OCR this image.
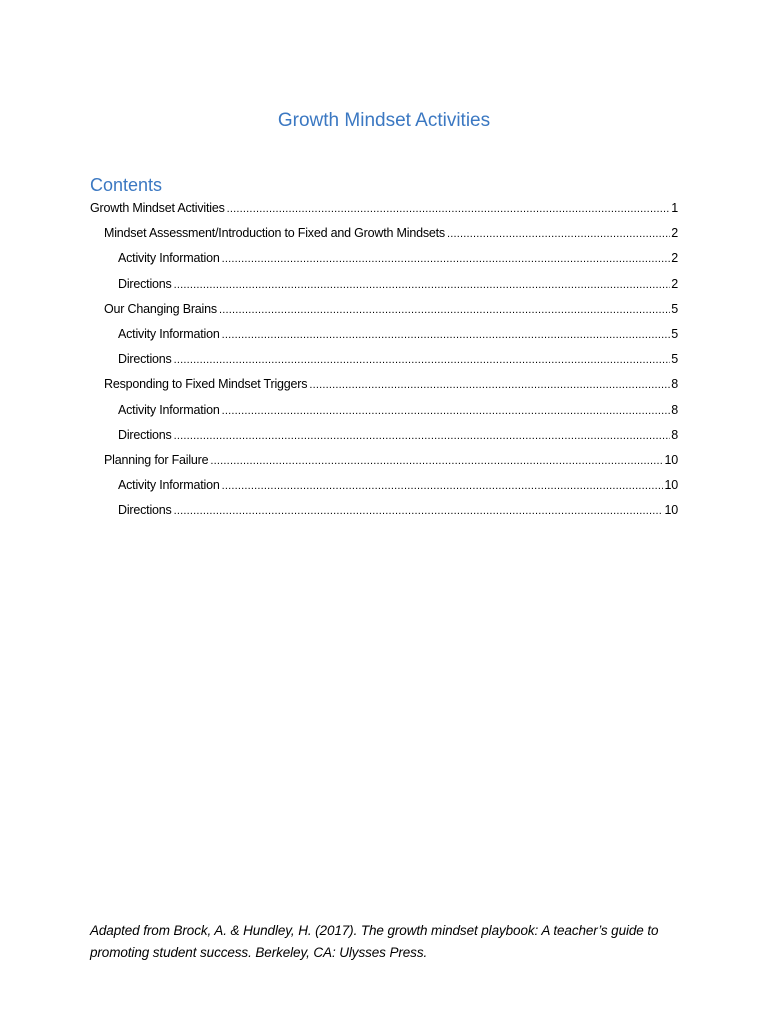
Growth Mindset Activities
Contents
Growth Mindset Activities .....	1
Mindset Assessment/Introduction to Fixed and Growth Mindsets .....	2
Activity Information .....	2
Directions .....	2
Our Changing Brains .....	5
Activity Information .....	5
Directions .....	5
Responding to Fixed Mindset Triggers .....	8
Activity Information .....	8
Directions .....	8
Planning for Failure .....	10
Activity Information .....	10
Directions .....	10

Adapted from Brock, A. & Hundley, H. (2017). The growth mindset playbook: A teacher’s guide to promoting student success. Berkeley, CA: Ulysses Press.
